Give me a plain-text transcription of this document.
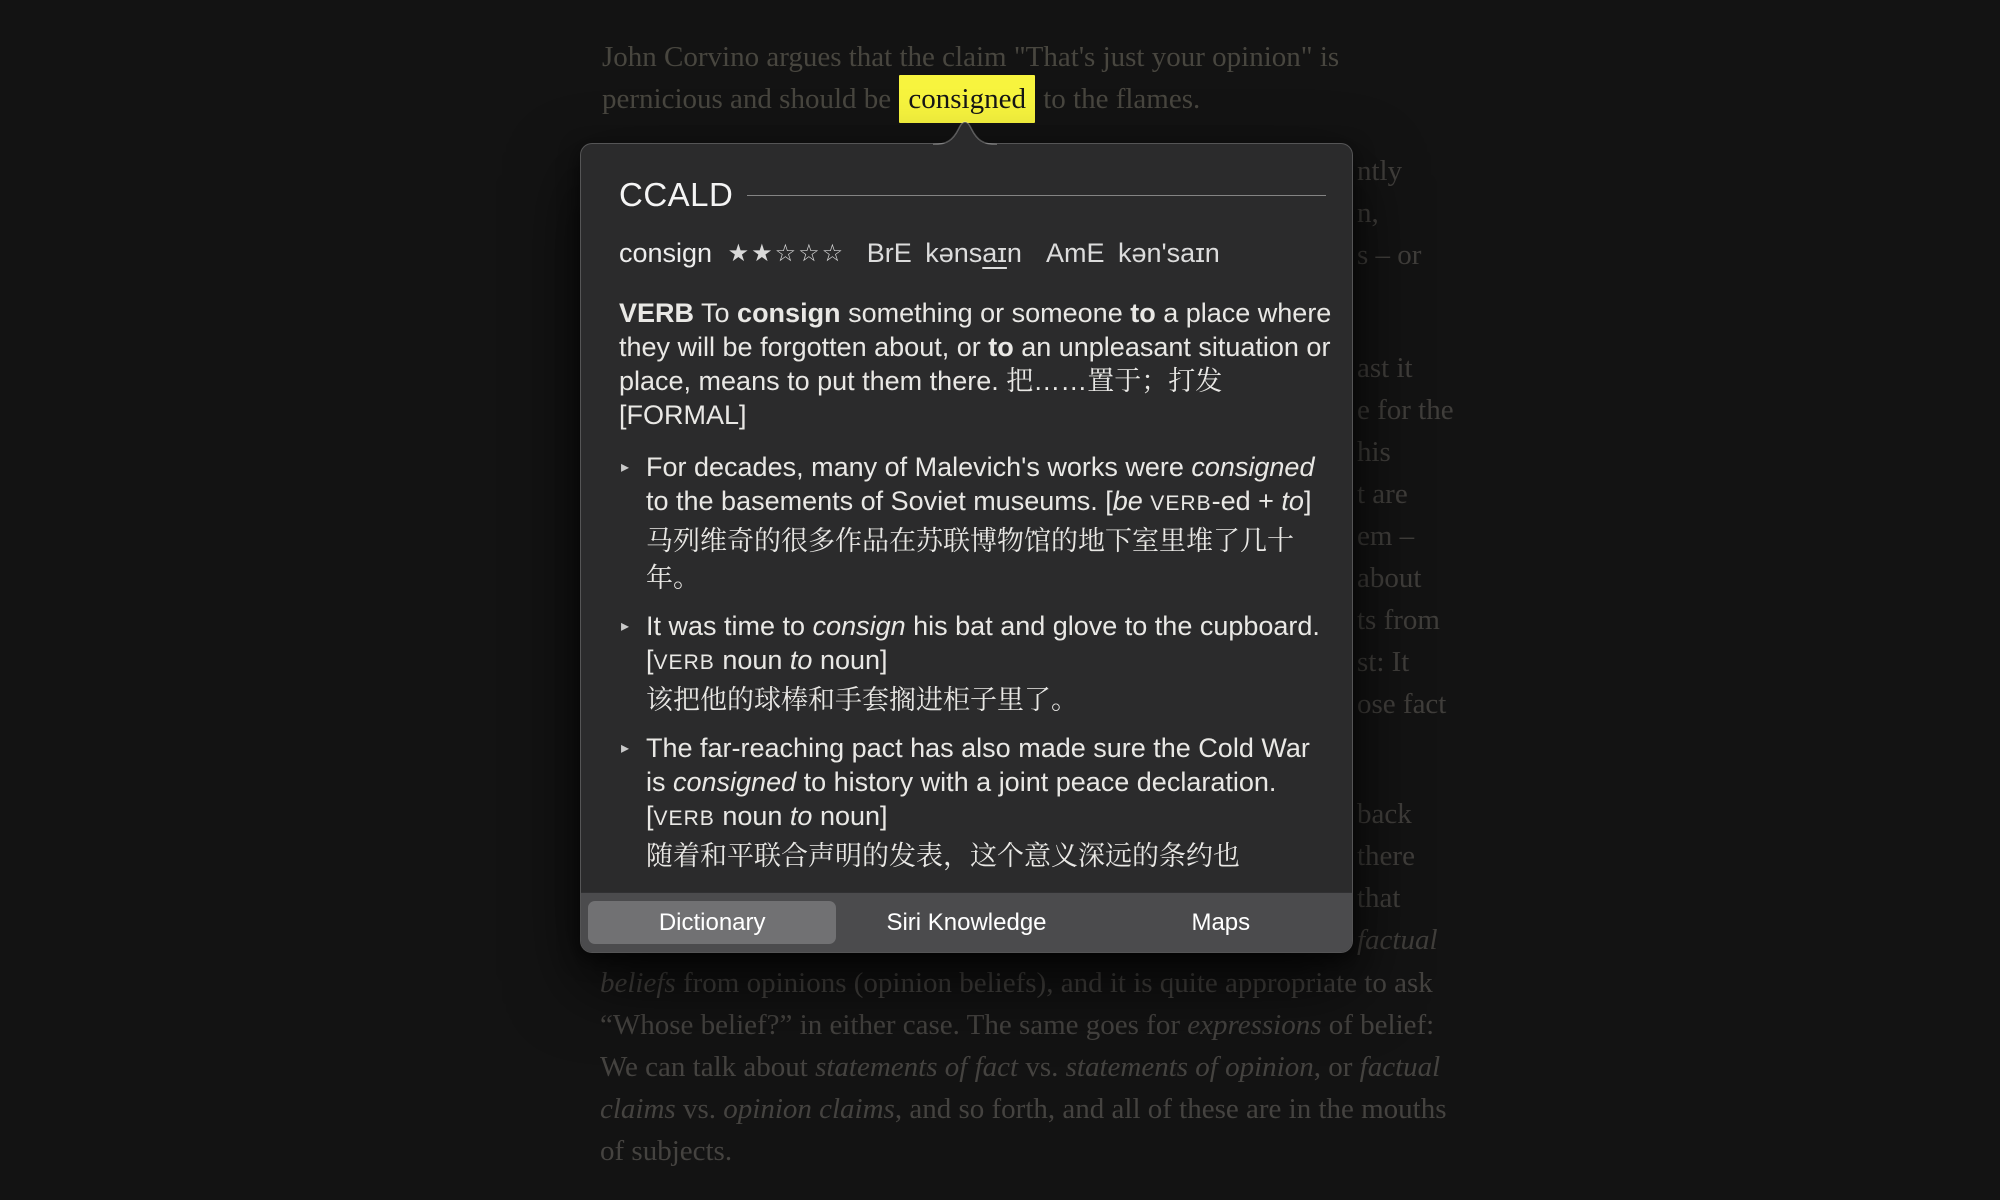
John Corvino argues that the claim "That's just your opinion" is
pernicious and should be consigned to the flames.
ntly
n,
s – or
ast it
e for the
his
t are
em –
about
ts from
st: It
ose fact
back
there
that
factual
beliefs from opinions (opinion beliefs), and it is quite appropriate to ask
“Whose belief?” in either case. The same goes for expressions of belief:
We can talk about statements of fact vs. statements of opinion, or factual
claims vs. opinion claims, and so forth, and all of these are in the mouths
of subjects.
CCALD
consign ★★☆☆☆ BrE kənsaɪn AmE kən'saɪn

VERB To consign something or someone to a place where they will be forgotten about, or to an unpleasant situation or place, means to put them there. 把……置于；打发 [FORMAL]

▸ For decades, many of Malevich's works were consigned to the basements of Soviet museums. [be VERB-ed + to]
马列维奇的很多作品在苏联博物馆的地下室里堆了几十年。
▸ It was time to consign his bat and glove to the cupboard. [VERB noun to noun]
该把他的球棒和手套搁进柜子里了。
▸ The far-reaching pact has also made sure the Cold War is consigned to history with a joint peace declaration. [VERB noun to noun]
随着和平联合声明的发表，这个意义深远的条约也
Dictionary	Siri Knowledge	Maps
